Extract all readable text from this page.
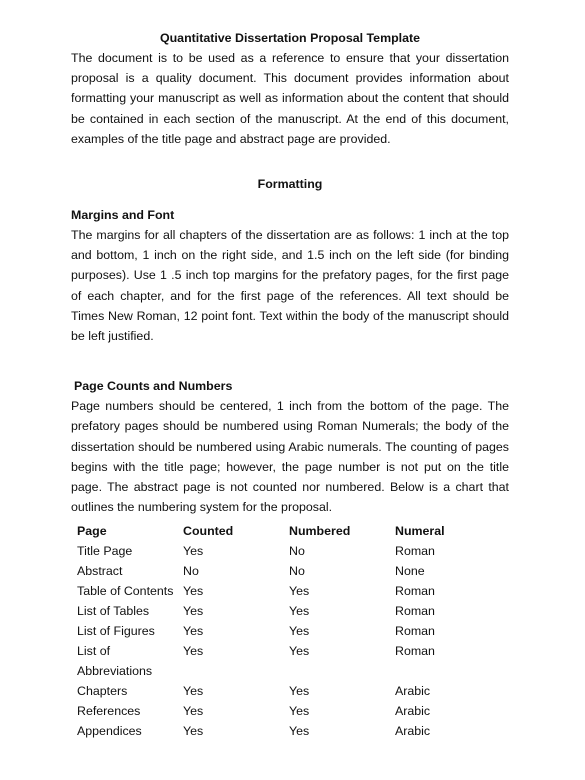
Quantitative Dissertation Proposal Template

The document is to be used as a reference to ensure that your dissertation proposal is a quality document. This document provides information about formatting your manuscript as well as information about the content that should be contained in each section of the manuscript. At the end of this document, examples of the title page and abstract page are provided.

Formatting
Margins and Font

The margins for all chapters of the dissertation are as follows: 1 inch at the top and bottom, 1 inch on the right side, and 1.5 inch on the left side (for binding purposes). Use 1 .5 inch top margins for the prefatory pages, for the first page of each chapter, and for the first page of the references. All text should be Times New Roman, 12 point font. Text within the body of the manuscript should be left justified.

Page Counts and Numbers

Page numbers should be centered, 1 inch from the bottom of the page. The prefatory pages should be numbered using Roman Numerals; the body of the dissertation should be numbered using Arabic numerals. The counting of pages begins with the title page; however, the page number is not put on the title page. The abstract page is not counted nor numbered. Below is a chart that outlines the numbering system for the proposal.

Page	Counted	Numbered	Numeral
Title Page	Yes	No	Roman
Abstract	No	No	None
Table of Contents	Yes	Yes	Roman
List of Tables	Yes	Yes	Roman
List of Figures	Yes	Yes	Roman
List of Abbreviations	Yes	Yes	Roman
Chapters	Yes	Yes	Arabic
References	Yes	Yes	Arabic
Appendices	Yes	Yes	Arabic
